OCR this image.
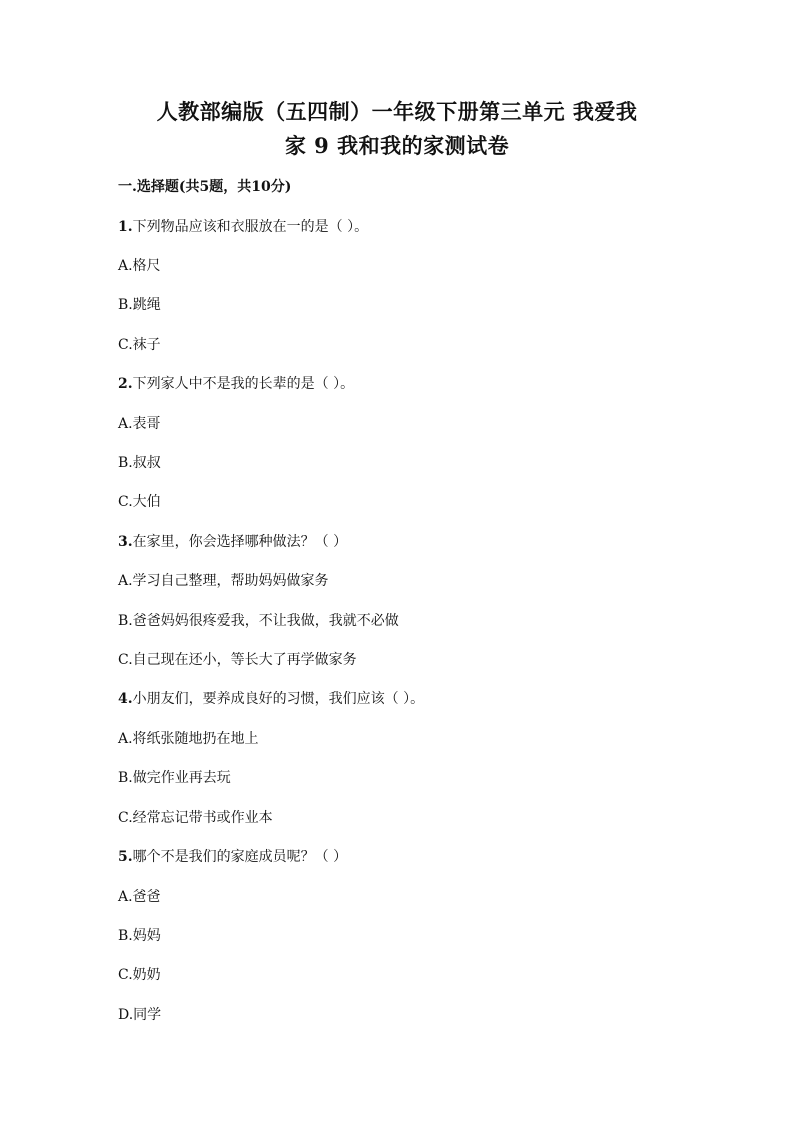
人教部编版（五四制）一年级下册第三单元 我爱我
家 9 我和我的家测试卷
一.选择题(共5题，共10分)
1.下列物品应该和衣服放在一的是（ ）。
A.格尺
B.跳绳
C.袜子
2.下列家人中不是我的长辈的是（ ）。
A.表哥
B.叔叔
C.大伯
3.在家里，你会选择哪种做法？（ ）
A.学习自己整理，帮助妈妈做家务
B.爸爸妈妈很疼爱我，不让我做，我就不必做
C.自己现在还小，等长大了再学做家务
4.小朋友们，要养成良好的习惯，我们应该（ ）。
A.将纸张随地扔在地上
B.做完作业再去玩
C.经常忘记带书或作业本
5.哪个不是我们的家庭成员呢？（ ）
A.爸爸
B.妈妈
C.奶奶
D.同学
